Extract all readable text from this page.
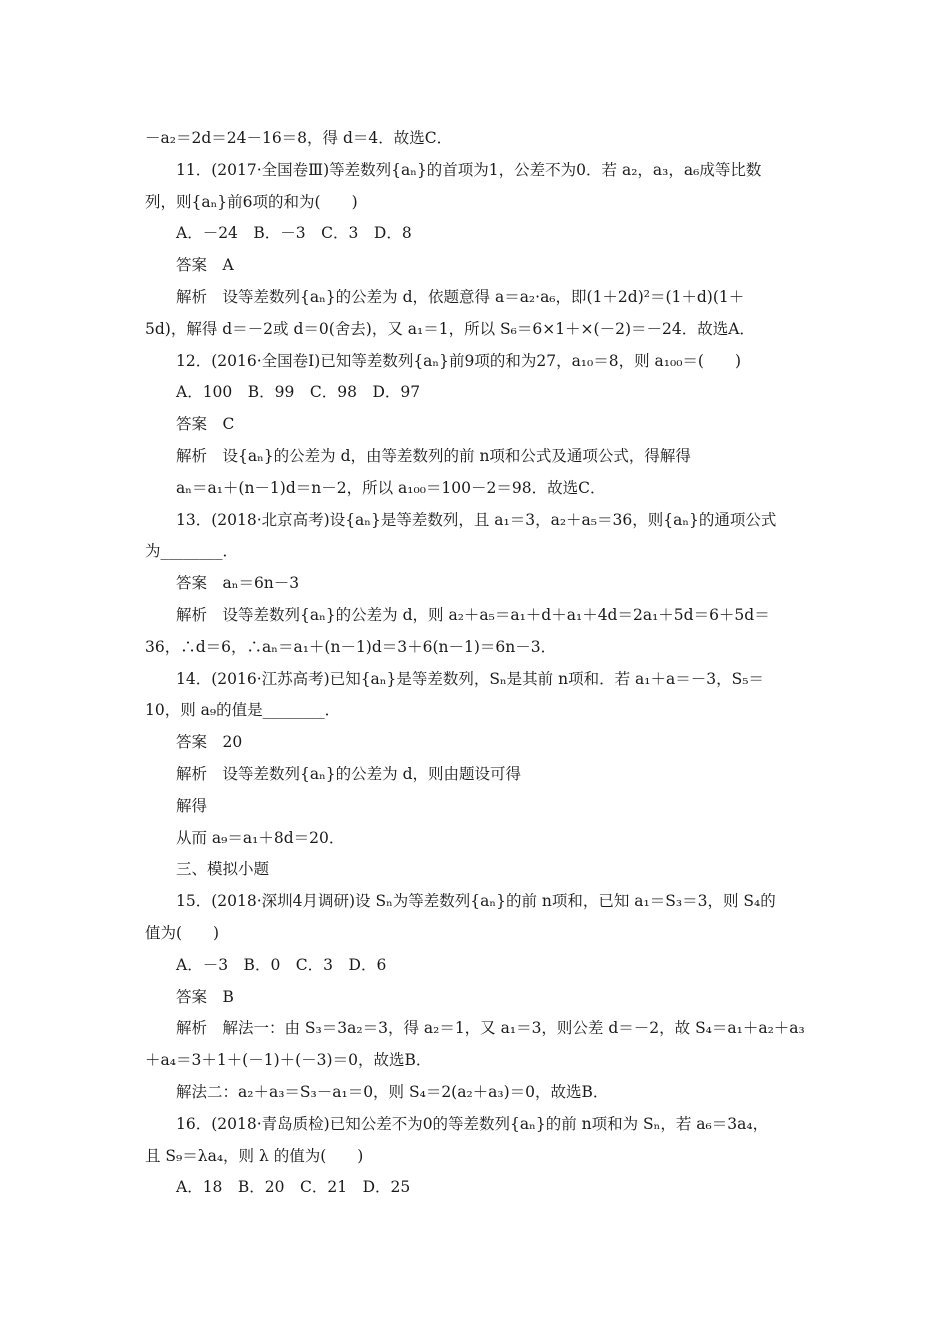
－a₂＝2d＝24－16＝8，得 d＝4．故选C．
11．(2017·全国卷Ⅲ)等差数列{aₙ}的首项为1，公差不为0．若 a₂，a₃，a₆成等比数
列，则{aₙ}前6项的和为(　　)
A．－24　B．－3　C．3　D．8
答案　A
解析　设等差数列{aₙ}的公差为 d，依题意得 a＝a₂·a₆，即(1＋2d)²＝(1＋d)(1＋
5d)，解得 d＝－2或 d＝0(舍去)，又 a₁＝1，所以 S₆＝6×1＋×(－2)＝－24．故选A．
12．(2016·全国卷Ⅰ)已知等差数列{aₙ}前9项的和为27，a₁₀＝8，则 a₁₀₀＝(　　)
A．100　B．99　C．98　D．97
答案　C
解析　设{aₙ}的公差为 d，由等差数列的前 n项和公式及通项公式，得解得
aₙ＝a₁＋(n－1)d＝n－2，所以 a₁₀₀＝100－2＝98．故选C．
13．(2018·北京高考)设{aₙ}是等差数列，且 a₁＝3，a₂＋a₅＝36，则{aₙ}的通项公式
为________．
答案　aₙ＝6n－3
解析　设等差数列{aₙ}的公差为 d，则 a₂＋a₅＝a₁＋d＋a₁＋4d＝2a₁＋5d＝6＋5d＝
36，∴d＝6，∴aₙ＝a₁＋(n－1)d＝3＋6(n－1)＝6n－3．
14．(2016·江苏高考)已知{aₙ}是等差数列，Sₙ是其前 n项和．若 a₁＋a＝－3，S₅＝
10，则 a₉的值是________．
答案　20
解析　设等差数列{aₙ}的公差为 d，则由题设可得
解得
从而 a₉＝a₁＋8d＝20．
三、模拟小题
15．(2018·深圳4月调研)设 Sₙ为等差数列{aₙ}的前 n项和，已知 a₁＝S₃＝3，则 S₄的
值为(　　)
A．－3　B．0　C．3　D．6
答案　B
解析　解法一：由 S₃＝3a₂＝3，得 a₂＝1，又 a₁＝3，则公差 d＝－2，故 S₄＝a₁＋a₂＋a₃
＋a₄＝3＋1＋(－1)＋(－3)＝0，故选B．
解法二：a₂＋a₃＝S₃－a₁＝0，则 S₄＝2(a₂＋a₃)＝0，故选B．
16．(2018·青岛质检)已知公差不为0的等差数列{aₙ}的前 n项和为 Sₙ，若 a₆＝3a₄，
且 S₉＝λa₄，则 λ 的值为(　　)
A．18　B．20　C．21　D．25
